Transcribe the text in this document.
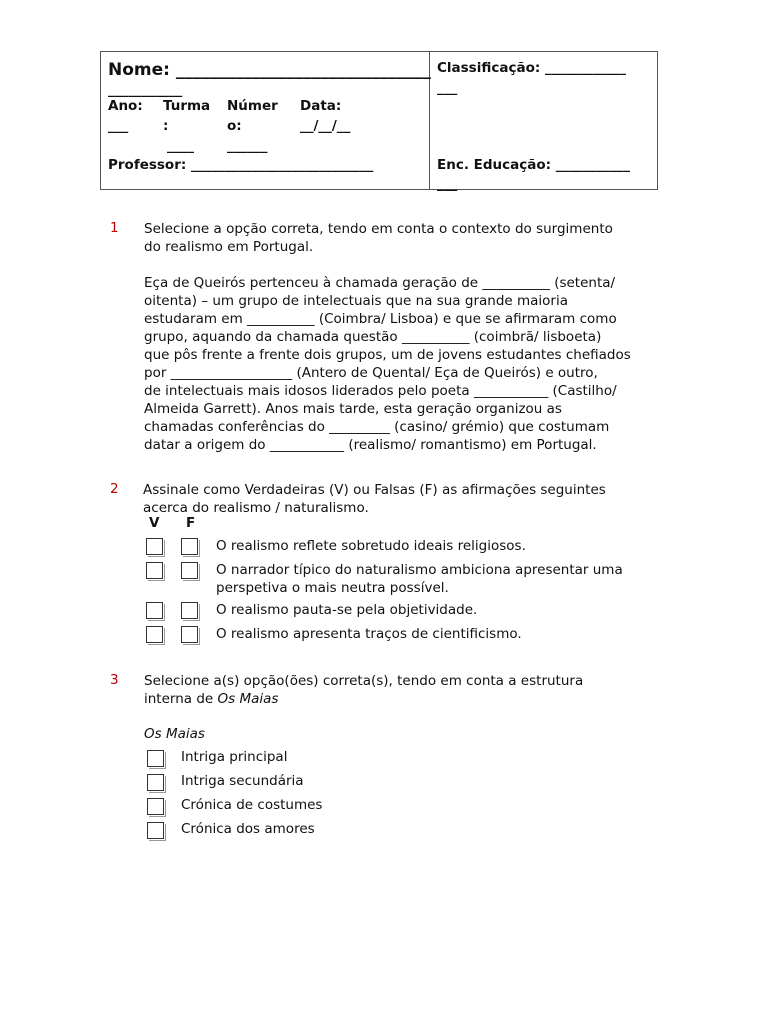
Nome: ______________________________
___________
Ano:
___
Turma
:
____
Númer
o:
______
Data:
__/__/__
Professor: ___________________________
Classificação: ____________
___
Enc. Educação: ___________
___
1 Selecione a opção correta, tendo em conta o contexto do surgimento

do realismo em Portugal.

Eça de Queirós pertenceu à chamada geração de __________ (setenta/

oitenta) – um grupo de intelectuais que na sua grande maioria

estudaram em __________ (Coimbra/ Lisboa) e que se afirmaram como

grupo, aquando da chamada questão __________ (coimbrã/ lisboeta)

que pôs frente a frente dois grupos, um de jovens estudantes chefiados

por __________________ (Antero de Quental/ Eça de Queirós) e outro,

de intelectuais mais idosos liderados pelo poeta ___________ (Castilho/

Almeida Garrett). Anos mais tarde, esta geração organizou as

chamadas conferências do _________ (casino/ grémio) que costumam

datar a origem do ___________ (realismo/ romantismo) em Portugal.

2 Assinale como Verdadeiras (V) ou Falsas (F) as afirmações seguintes

acerca do realismo / naturalismo.

V F
O realismo reflete sobretudo ideais religiosos.
O narrador típico do naturalismo ambiciona apresentar uma
perspetiva o mais neutra possível.
O realismo pauta-se pela objetividade.
O realismo apresenta traços de cientificismo.
3 Selecione a(s) opção(ões) correta(s), tendo em conta a estrutura

interna de Os Maias

Os Maias
Intriga principal
Intriga secundária
Crónica de costumes
Crónica dos amores
